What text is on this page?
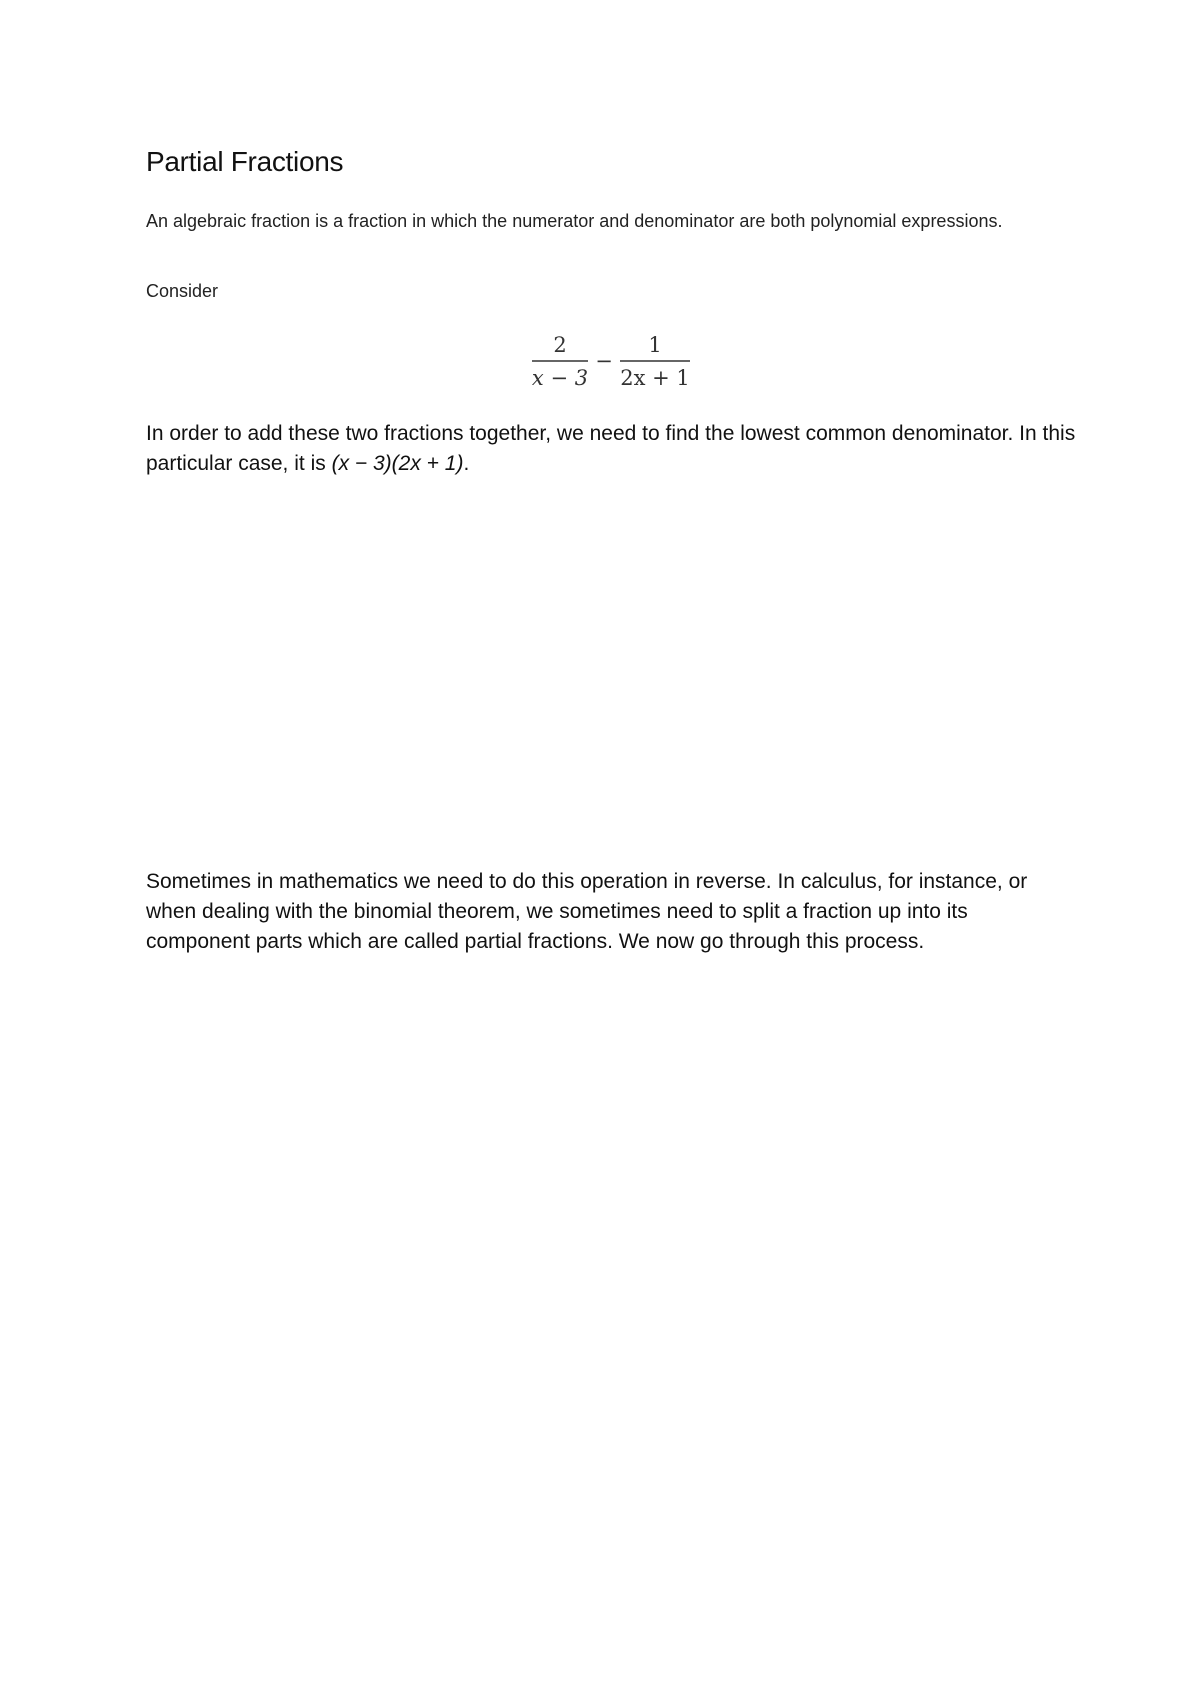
Partial Fractions

An algebraic fraction is a fraction in which the numerator and denominator are both polynomial expressions.

Consider

2
x − 3
−
1
2x + 1

In order to add these two fractions together, we need to find the lowest common denominator. In this particular case, it is (x − 3)(2x + 1).

Sometimes in mathematics we need to do this operation in reverse. In calculus, for instance, or when dealing with the binomial theorem, we sometimes need to split a fraction up into its component parts which are called partial fractions. We now go through this process.
